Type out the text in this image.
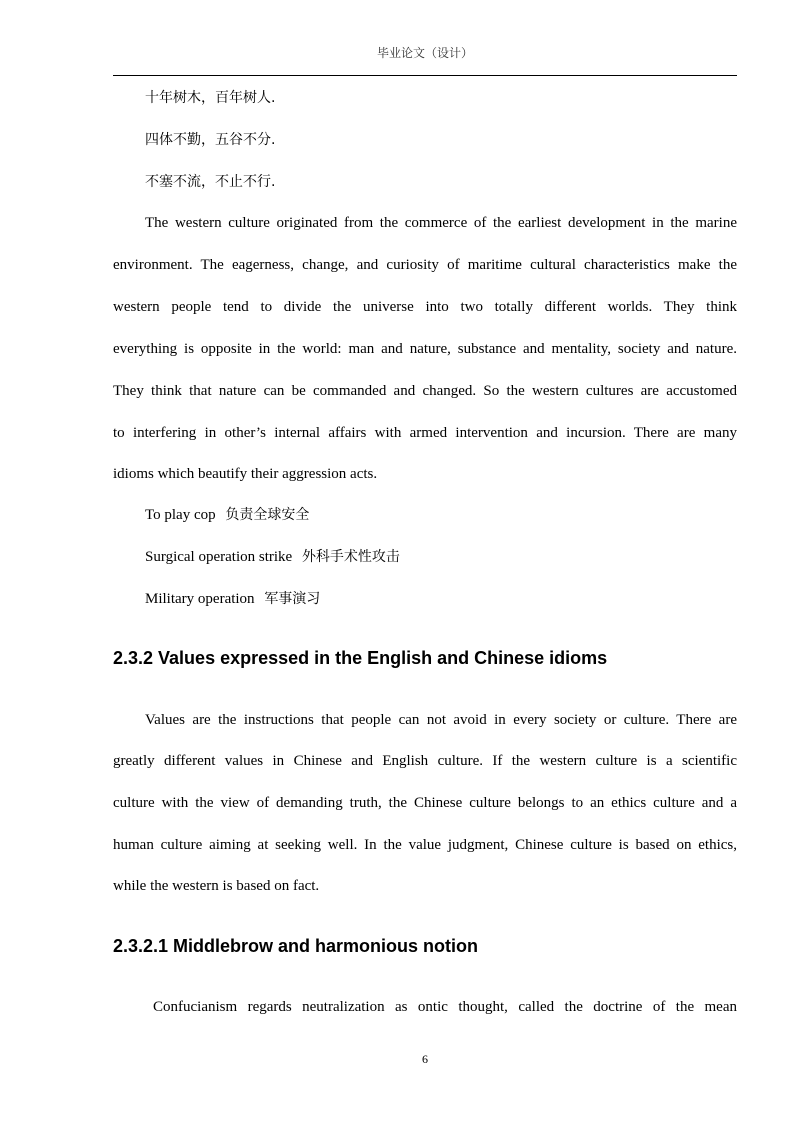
毕业论文（设计）
十年树木，百年树人.
四体不勤，五谷不分.
不塞不流，不止不行.
The western culture originated from the commerce of the earliest development in the marine
environment. The eagerness, change, and curiosity of maritime cultural characteristics make the
western people tend to divide the universe into two totally different worlds. They think
everything is opposite in the world: man and nature, substance and mentality, society and nature.
They think that nature can be commanded and changed. So the western cultures are accustomed
to interfering in other’s internal affairs with armed intervention and incursion. There are many
idioms which beautify their aggression acts.
To play cop 负责全球安全
Surgical operation strike 外科手术性攻击
Military operation 军事演习
2.3.2 Values expressed in the English and Chinese idioms
Values are the instructions that people can not avoid in every society or culture. There are
greatly different values in Chinese and English culture. If the western culture is a scientific
culture with the view of demanding truth, the Chinese culture belongs to an ethics culture and a
human culture aiming at seeking well. In the value judgment, Chinese culture is based on ethics,
while the western is based on fact.
2.3.2.1 Middlebrow and harmonious notion
Confucianism regards neutralization as ontic thought, called the doctrine of the mean
6
